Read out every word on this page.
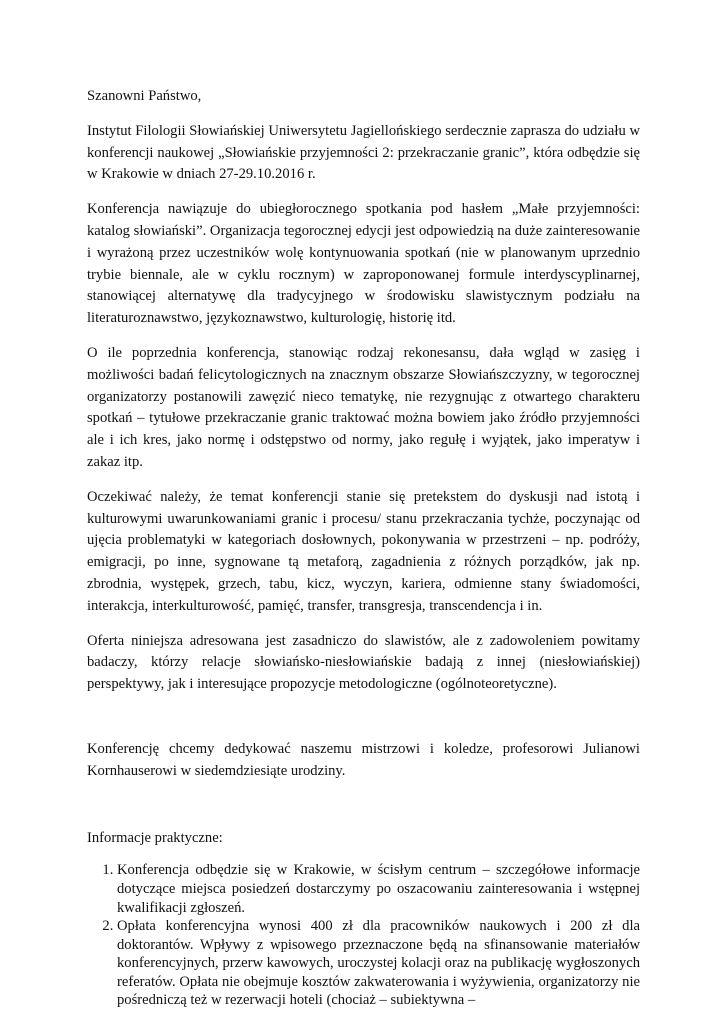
Szanowni Państwo,

Instytut Filologii Słowiańskiej Uniwersytetu Jagiellońskiego serdecznie zaprasza do udziału w konferencji naukowej „Słowiańskie przyjemności 2: przekraczanie granic”, która odbędzie się w Krakowie w dniach 27-29.10.2016 r.

Konferencja nawiązuje do ubiegłorocznego spotkania pod hasłem „Małe przyjemności: katalog słowiański”. Organizacja tegorocznej edycji jest odpowiedzią na duże zainteresowanie i wyrażoną przez uczestników wolę kontynuowania spotkań (nie w planowanym uprzednio trybie biennale, ale w cyklu rocznym) w zaproponowanej formule interdyscyplinarnej, stanowiącej alternatywę dla tradycyjnego w środowisku slawistycznym podziału na literaturoznawstwo, językoznawstwo, kulturologię, historię itd.

O ile poprzednia konferencja, stanowiąc rodzaj rekonesansu, dała wgląd w zasięg i możliwości badań felicytologicznych na znacznym obszarze Słowiańszczyzny, w tegorocznej organizatorzy postanowili zawęzić nieco tematykę, nie rezygnując z otwartego charakteru spotkań – tytułowe przekraczanie granic traktować można bowiem jako źródło przyjemności ale i ich kres, jako normę i odstępstwo od normy, jako regułę i wyjątek, jako imperatyw i zakaz itp.

Oczekiwać należy, że temat konferencji stanie się pretekstem do dyskusji nad istotą i kulturowymi uwarunkowaniami granic i procesu/ stanu przekraczania tychże, poczynając od ujęcia problematyki w kategoriach dosłownych, pokonywania w przestrzeni – np. podróży, emigracji, po inne, sygnowane tą metaforą, zagadnienia z różnych porządków, jak np. zbrodnia, występek, grzech, tabu, kicz, wyczyn, kariera, odmienne stany świadomości, interakcja, interkulturowość, pamięć, transfer, transgresja, transcendencja i in.

Oferta niniejsza adresowana jest zasadniczo do slawistów, ale z zadowoleniem powitamy badaczy, którzy relacje słowiańsko-niesłowiańskie badają z innej (niesłowiańskiej) perspektywy, jak i interesujące propozycje metodologiczne (ogólnoteoretyczne).

Konferencję chcemy dedykować naszemu mistrzowi i koledze, profesorowi Julianowi Kornhauserowi w siedemdziesiąte urodziny.

Informacje praktyczne:

1. Konferencja odbędzie się w Krakowie, w ścisłym centrum – szczegółowe informacje dotyczące miejsca posiedzeń dostarczymy po oszacowaniu zainteresowania i wstępnej kwalifikacji zgłoszeń.
2. Opłata konferencyjna wynosi 400 zł dla pracowników naukowych i 200 zł dla doktorantów. Wpływy z wpisowego przeznaczone będą na sfinansowanie materiałów konferencyjnych, przerw kawowych, uroczystej kolacji oraz na publikację wygłoszonych referatów. Opłata nie obejmuje kosztów zakwaterowania i wyżywienia, organizatorzy nie pośredniczą też w rezerwacji hoteli (chociaż – subiektywna –
